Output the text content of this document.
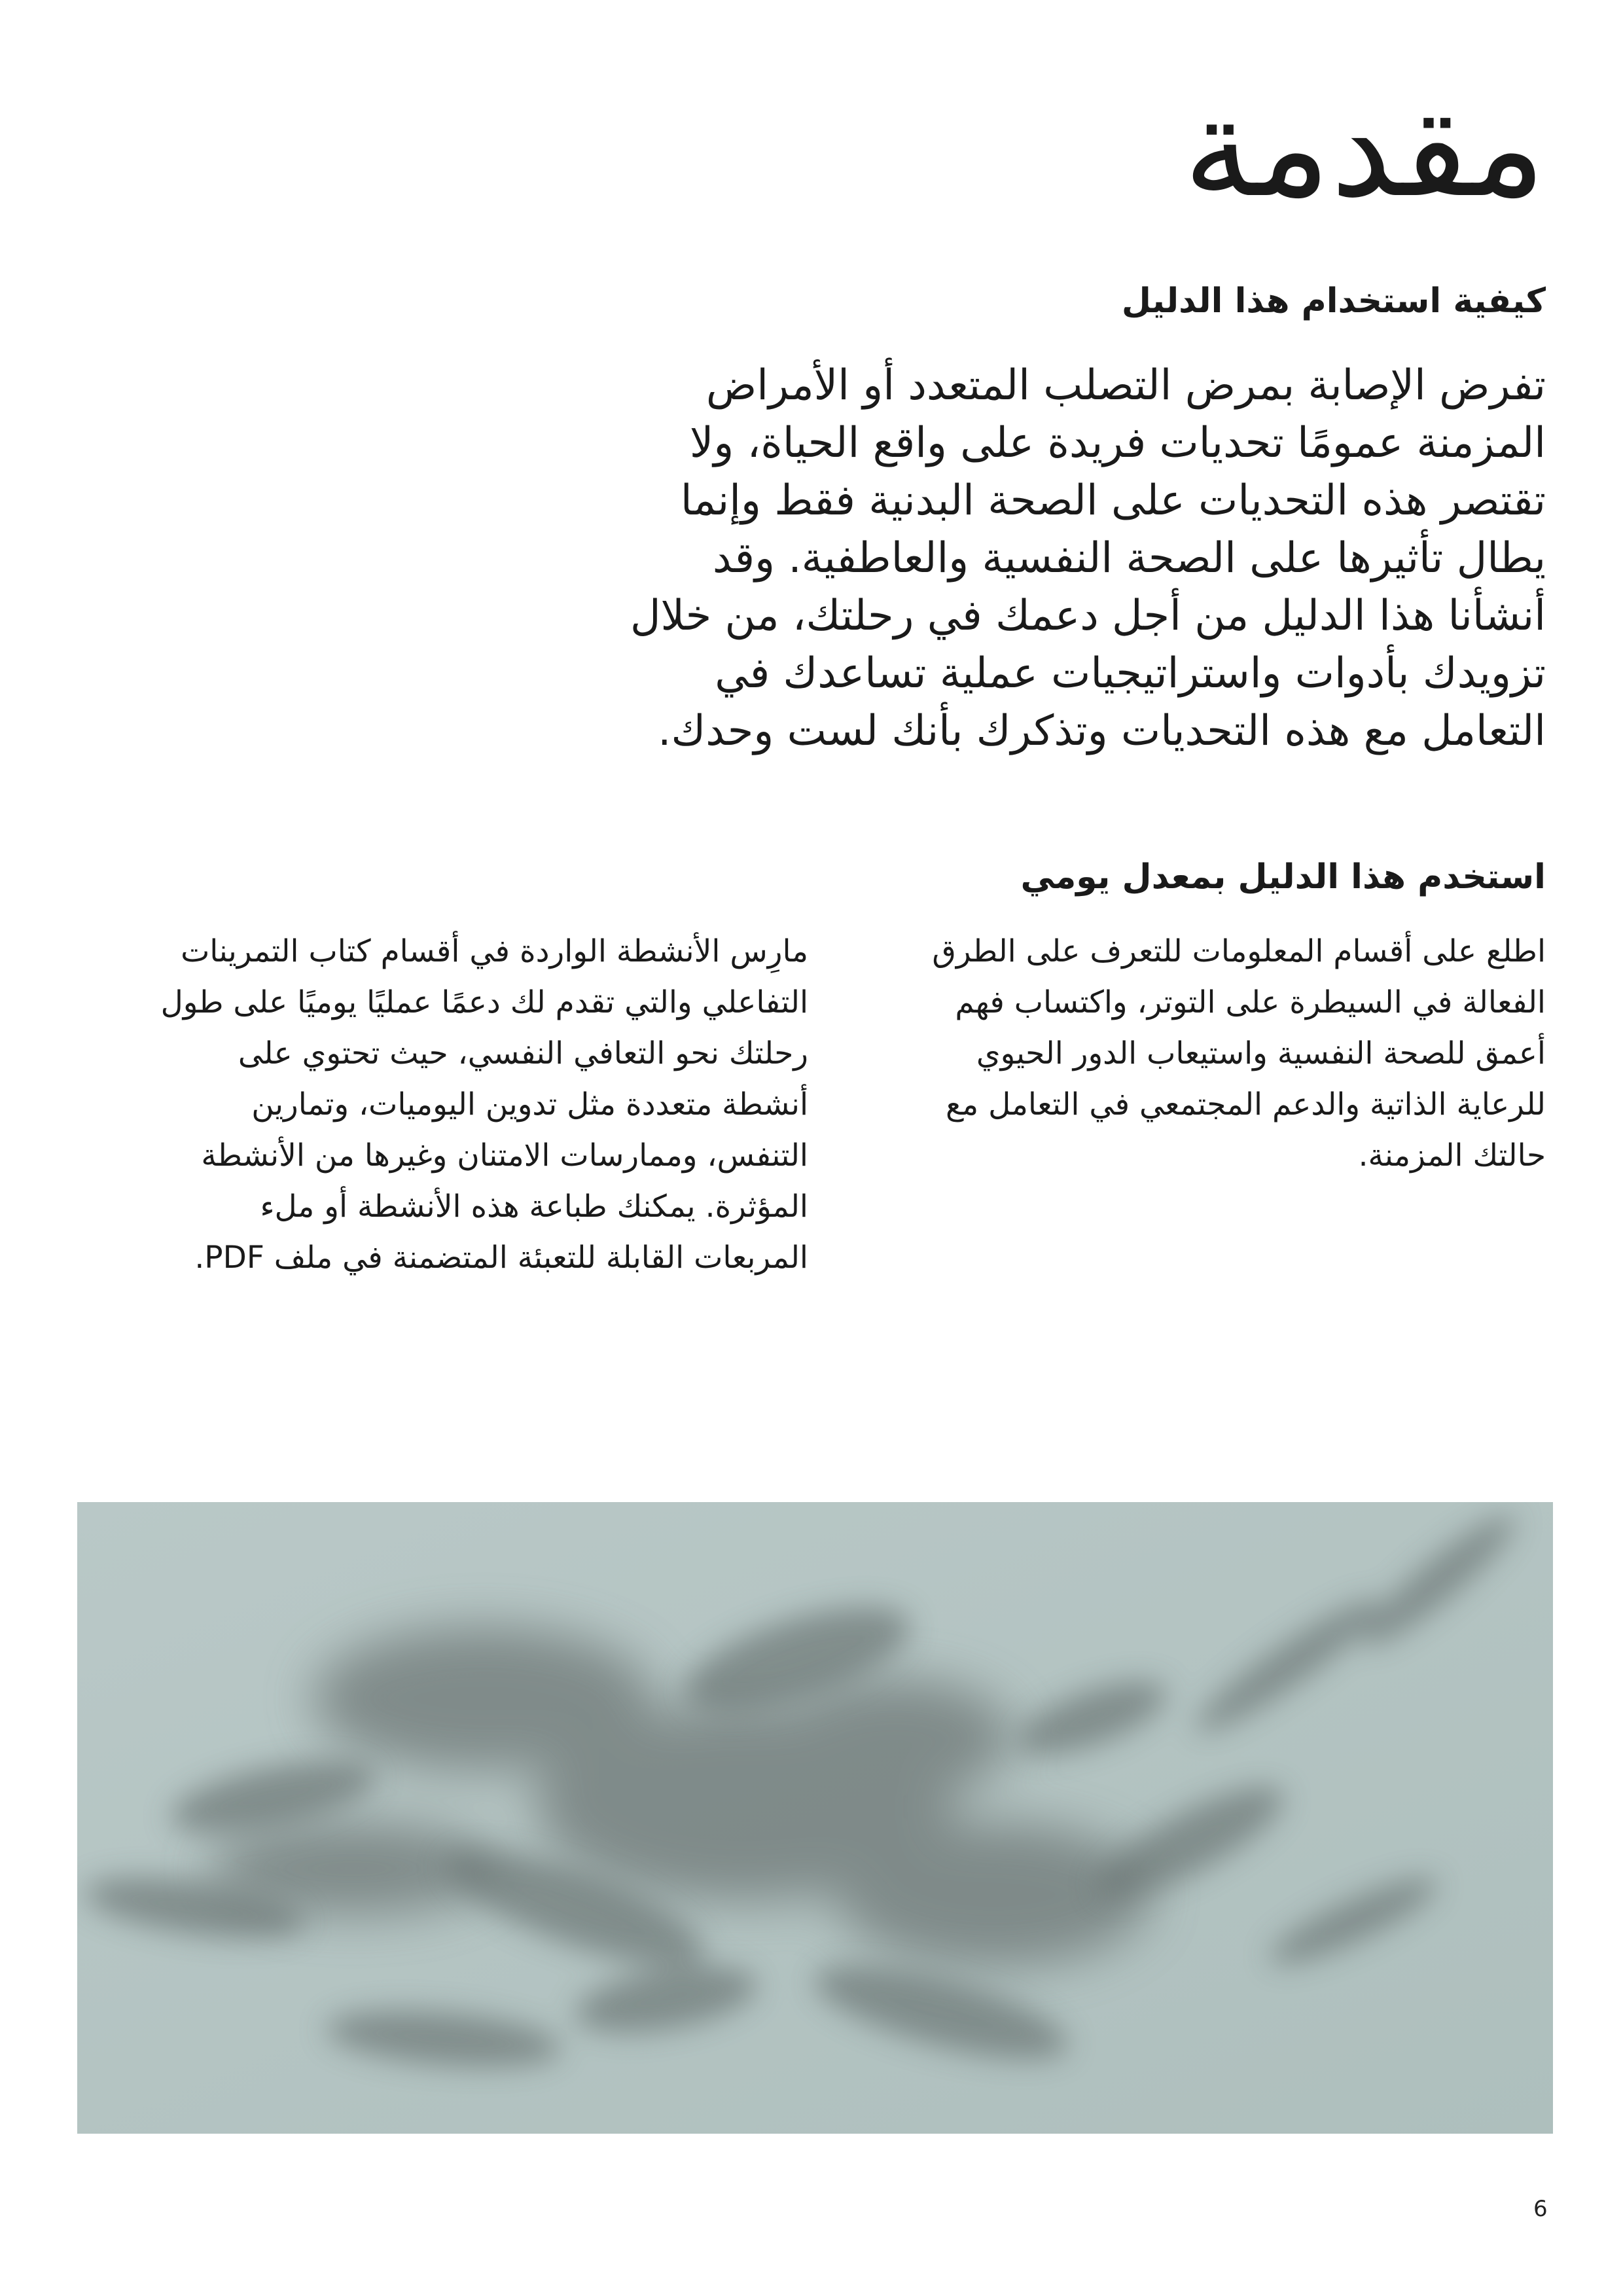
مقدمة
كيفية استخدام هذا الدليل

تفرض الإصابة بمرض التصلب المتعدد أو الأمراض المزمنة عمومًا تحديات فريدة على واقع الحياة، ولا تقتصر هذه التحديات على الصحة البدنية فقط وإنما يطال تأثيرها على الصحة النفسية والعاطفية. وقد أنشأنا هذا الدليل من أجل دعمك في رحلتك، من خلال تزويدك بأدوات واستراتيجيات عملية تساعدك في التعامل مع هذه التحديات وتذكرك بأنك لست وحدك.

استخدم هذا الدليل بمعدل يومي

اطلع على أقسام المعلومات للتعرف على الطرق الفعالة في السيطرة على التوتر، واكتساب فهم أعمق للصحة النفسية واستيعاب الدور الحيوي للرعاية الذاتية والدعم المجتمعي في التعامل مع حالتك المزمنة.

مارِس الأنشطة الواردة في أقسام كتاب التمرينات التفاعلي والتي تقدم لك دعمًا عمليًا يوميًا على طول رحلتك نحو التعافي النفسي، حيث تحتوي على أنشطة متعددة مثل تدوين اليوميات، وتمارين التنفس، وممارسات الامتنان وغيرها من الأنشطة المؤثرة. يمكنك طباعة هذه الأنشطة أو ملء المربعات القابلة للتعبئة المتضمنة في ملف PDF.

6
